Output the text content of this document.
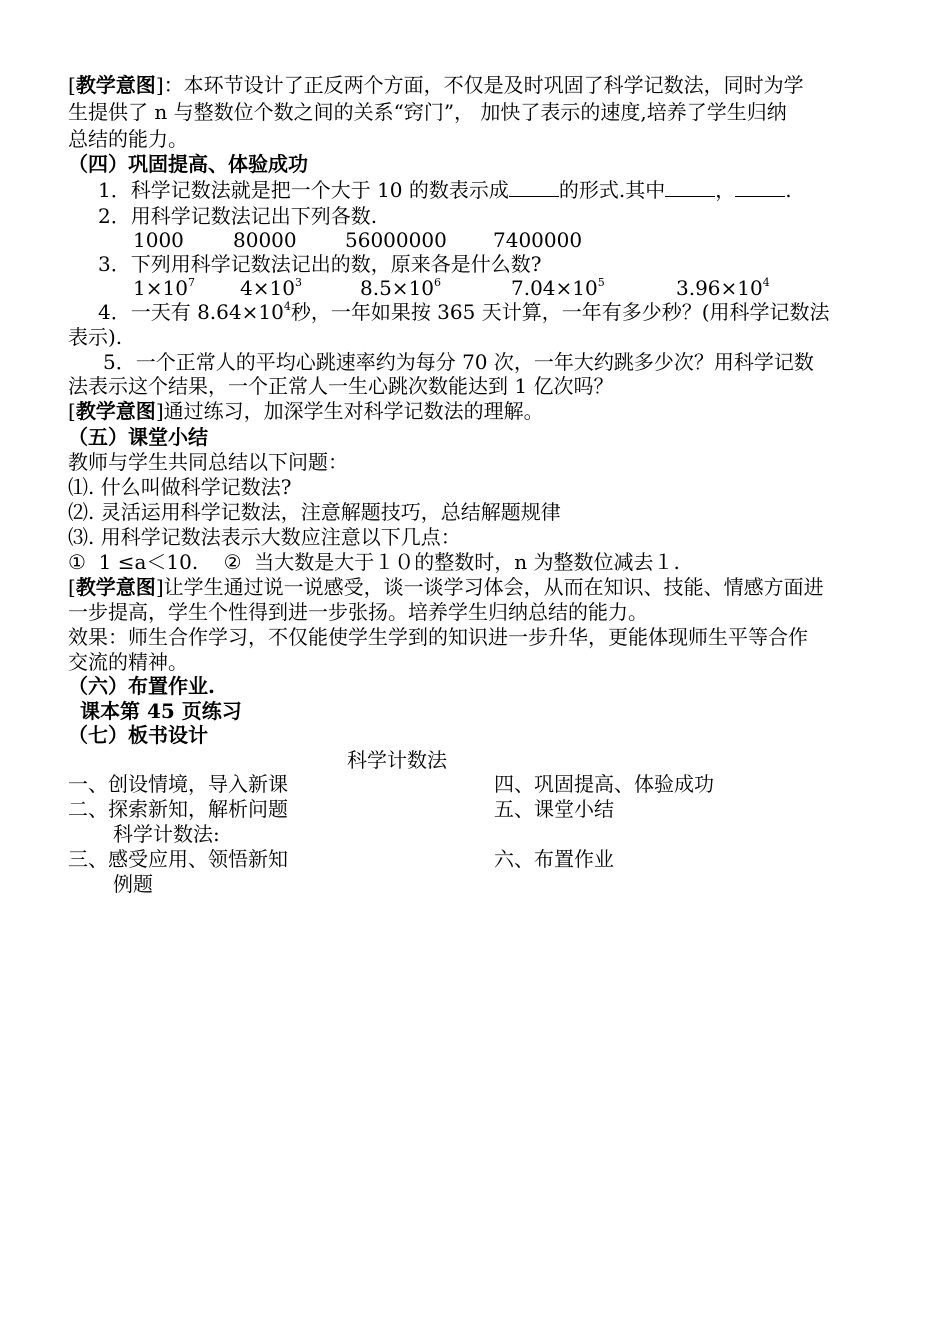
[教学意图]：本环节设计了正反两个方面，不仅是及时巩固了科学记数法，同时为学
生提供了 n 与整数位个数之间的关系“窍门”， 加快了表示的速度,培养了学生归纳
总结的能力。
（四）巩固提高、体验成功
1．科学记数法就是把一个大于 10 的数表示成	的形式.其中	，	.
2．用科学记数法记出下列各数.
1000 80000 56000000 7400000
3．下列用科学记数法记出的数，原来各是什么数?
$1\times 10^7$ $4\times 10^3$	$8.5\times 10^6$	$7.04\times 10^5$	$3.96\times 10^4$
4．一天有 $8.64\times 10^4$秒，一年如果按 365 天计算，一年有多少秒？(用科学记数法
表示).
5．一个正常人的平均心跳速率约为每分 70 次，一年大约跳多少次？用科学记数
法表示这个结果，一个正常人一生心跳次数能达到 1 亿次吗？
[教学意图]通过练习，加深学生对科学记数法的理解。
（五）课堂小结
教师与学生共同总结以下问题：
⑴. 什么叫做科学记数法?
⑵. 灵活运用科学记数法，注意解题技巧，总结解题规律
⑶. 用科学记数法表示大数应注意以下几点：
①  1 ≤a＜10.    ②  当大数是大于１０的整数时，n 为整数位减去１.
[教学意图]让学生通过说一说感受，谈一谈学习体会，从而在知识、技能、情感方面进
一步提高，学生个性得到进一步张扬。培养学生归纳总结的能力。
效果：师生合作学习，不仅能使学生学到的知识进一步升华，更能体现师生平等合作
交流的精神。
（六）布置作业.
课本第 45 页练习
（七）板书设计
科学计数法
一、创设情境，导入新课
二、探索新知，解析问题
科学计数法:
三、感受应用、领悟新知
例题
四、巩固提高、体验成功
五、课堂小结
六、布置作业
